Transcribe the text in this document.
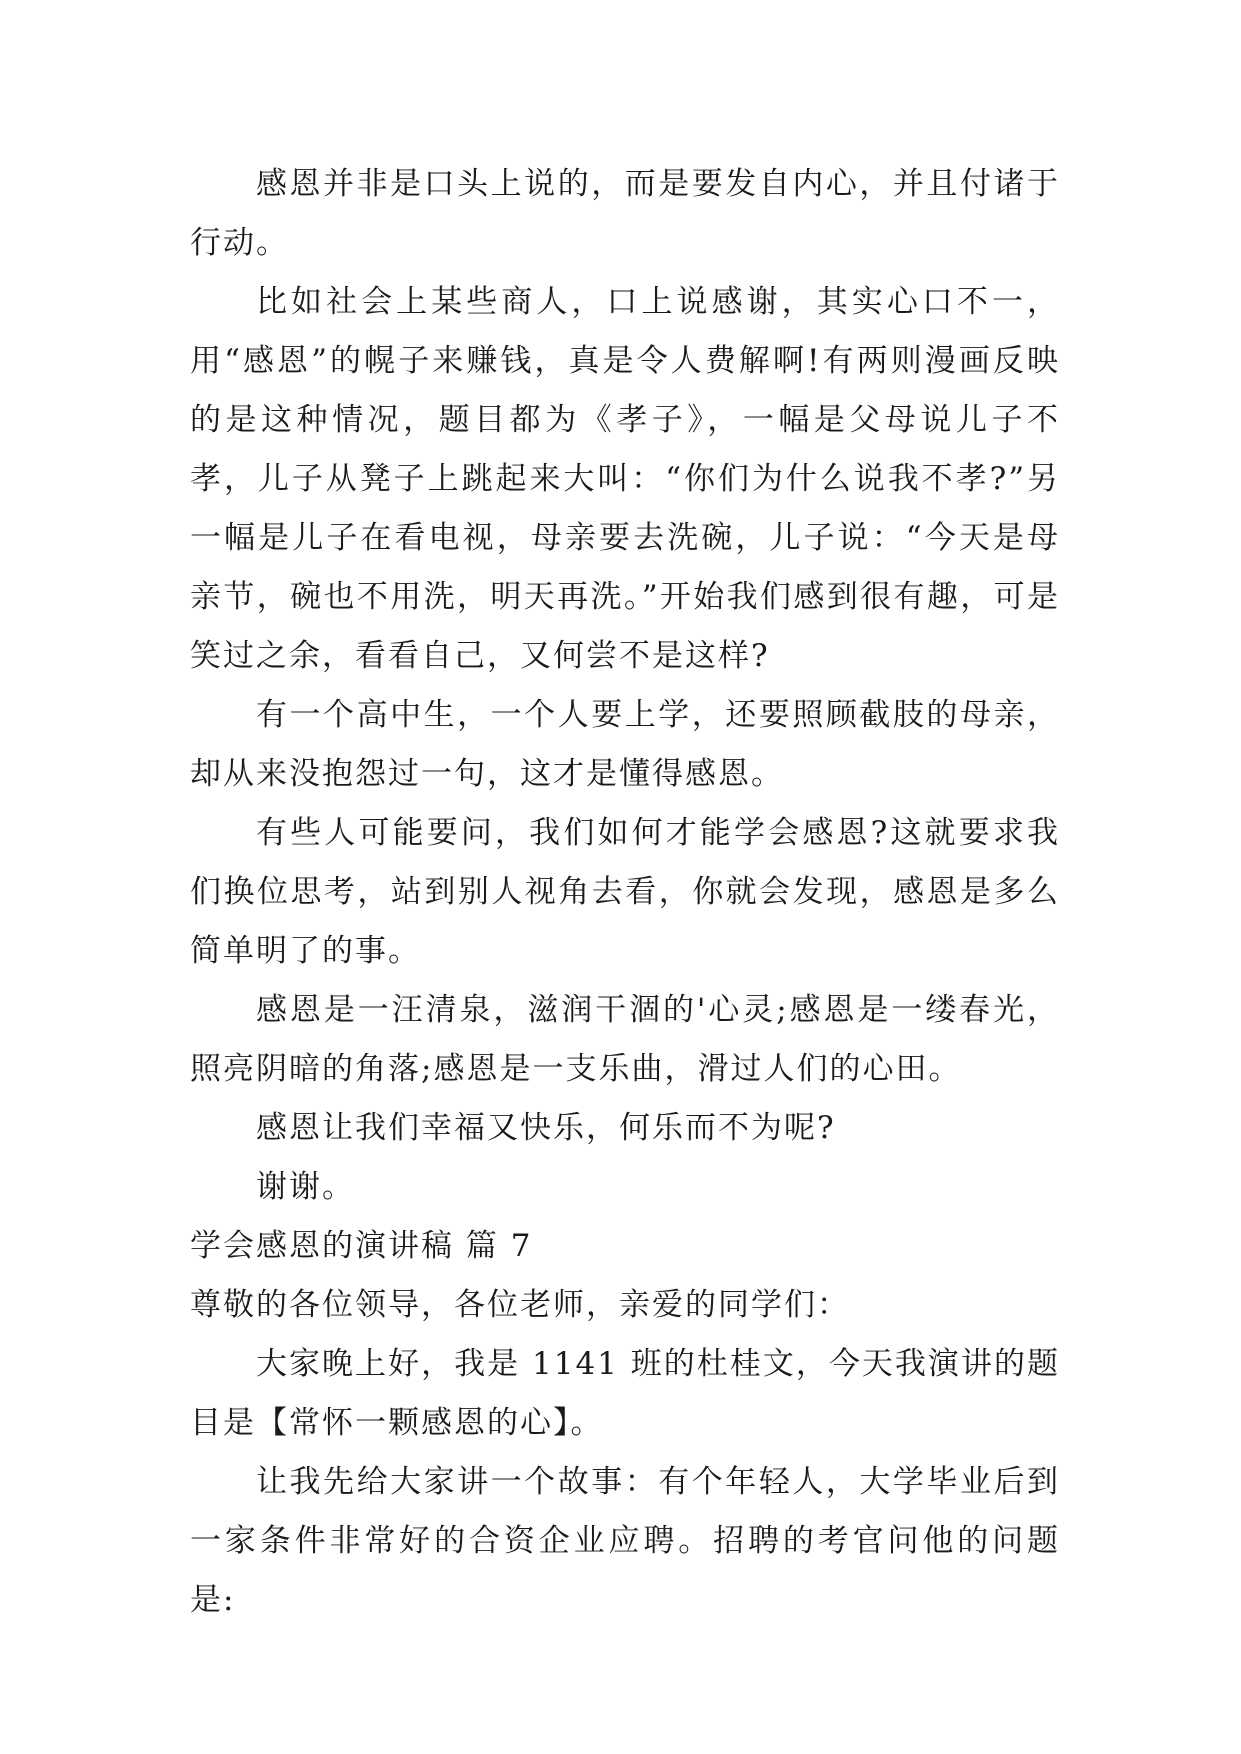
感恩并非是口头上说的，而是要发自内心，并且付诸于行动。

比如社会上某些商人，口上说感谢，其实心口不一，用“感恩”的幌子来赚钱，真是令人费解啊!有两则漫画反映的是这种情况，题目都为《孝子》，一幅是父母说儿子不孝，儿子从凳子上跳起来大叫：“你们为什么说我不孝?”另一幅是儿子在看电视，母亲要去洗碗，儿子说：“今天是母亲节，碗也不用洗，明天再洗。”开始我们感到很有趣，可是笑过之余，看看自己，又何尝不是这样?

有一个高中生，一个人要上学，还要照顾截肢的母亲，却从来没抱怨过一句，这才是懂得感恩。

有些人可能要问，我们如何才能学会感恩?这就要求我们换位思考，站到别人视角去看，你就会发现，感恩是多么简单明了的事。

感恩是一汪清泉，滋润干涸的'心灵;感恩是一缕春光，照亮阴暗的角落;感恩是一支乐曲，滑过人们的心田。

感恩让我们幸福又快乐，何乐而不为呢?

谢谢。

学会感恩的演讲稿 篇 7

尊敬的各位领导，各位老师，亲爱的同学们：

大家晚上好，我是 1141 班的杜桂文，今天我演讲的题目是【常怀一颗感恩的心】。

让我先给大家讲一个故事：有个年轻人，大学毕业后到一家条件非常好的合资企业应聘。招聘的考官问他的问题是:
